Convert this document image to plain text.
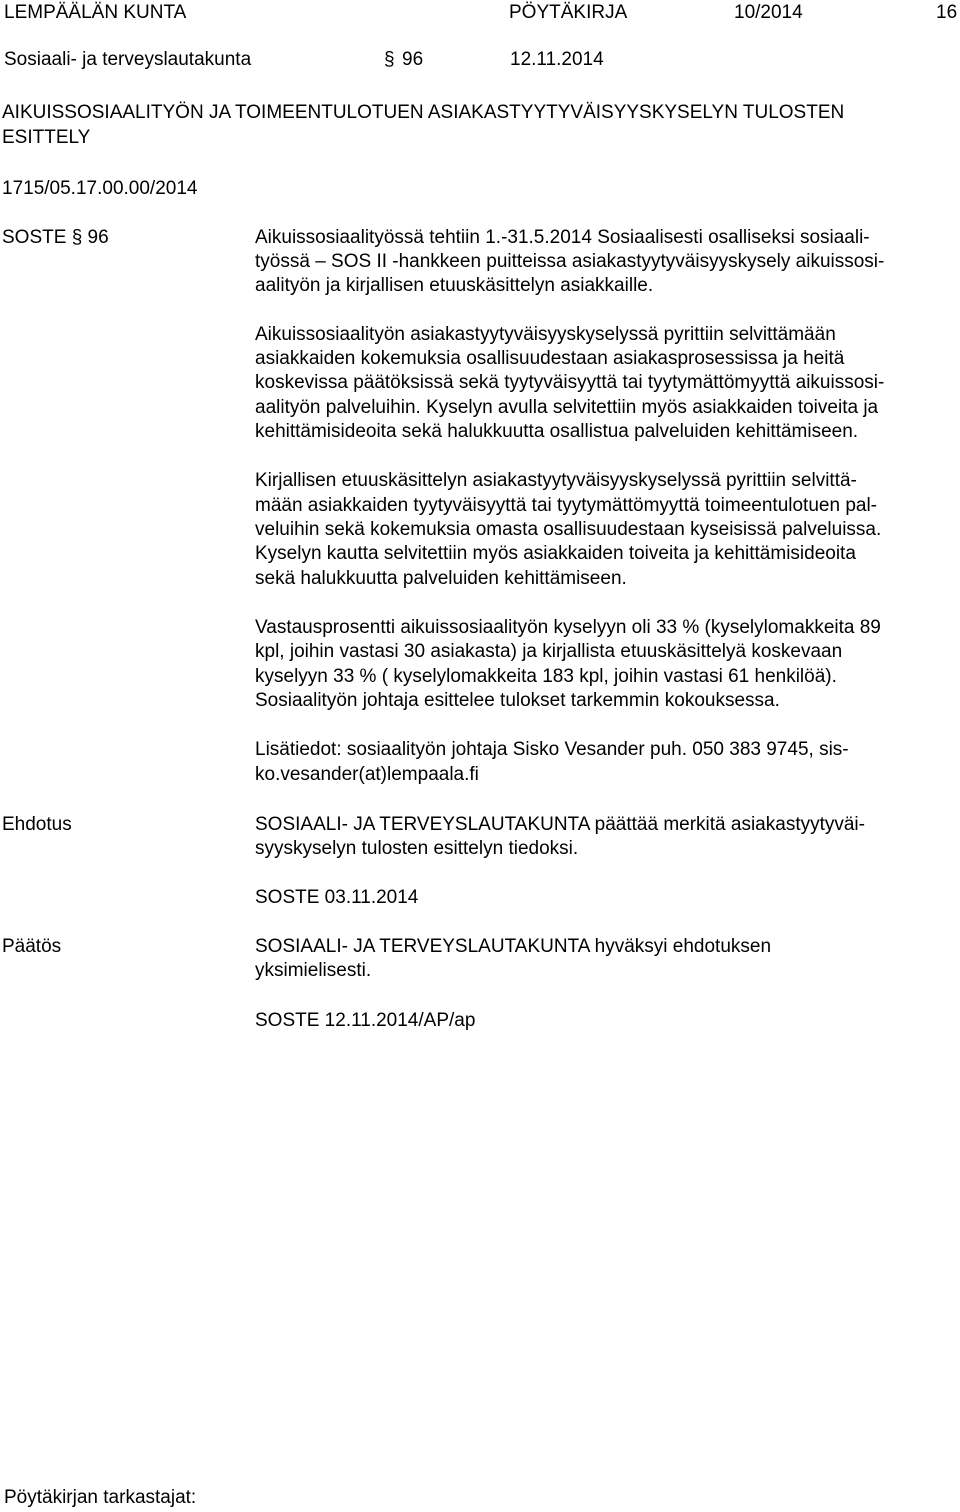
LEMPÄÄLÄN KUNTA	PÖYTÄKIRJA	10/2014	16
Sosiaali- ja terveyslautakunta	§ 96	12.11.2014
AIKUISSOSIAALITYÖN JA TOIMEENTULOTUEN ASIAKASTYYTYVÄISYYSKYSELYN TULOSTEN
ESITTELY
1715/05.17.00.00/2014
SOSTE § 96	Aikuissosiaalityössä tehtiin 1.-31.5.2014 Sosiaalisesti osalliseksi sosiaali-
työssä – SOS II -hankkeen puitteissa asiakastyytyväisyyskysely aikuissosi-
aalityön ja kirjallisen etuuskäsittelyn asiakkaille.
Aikuissosiaalityön asiakastyytyväisyyskyselyssä pyrittiin selvittämään
asiakkaiden kokemuksia osallisuudestaan asiakasprosessissa ja heitä
koskevissa päätöksissä sekä tyytyväisyyttä tai tyytymättömyyttä aikuissosi-
aalityön palveluihin. Kyselyn avulla selvitettiin myös asiakkaiden toiveita ja
kehittämisideoita sekä halukkuutta osallistua palveluiden kehittämiseen.
Kirjallisen etuuskäsittelyn asiakastyytyväisyyskyselyssä pyrittiin selvittä-
mään asiakkaiden tyytyväisyyttä tai tyytymättömyyttä toimeentulotuen pal-
veluihin sekä kokemuksia omasta osallisuudestaan kyseisissä palveluissa.
Kyselyn kautta selvitettiin myös asiakkaiden toiveita ja kehittämisideoita
sekä halukkuutta palveluiden kehittämiseen.
Vastausprosentti aikuissosiaalityön kyselyyn oli 33 % (kyselylomakkeita 89
kpl, joihin vastasi 30 asiakasta) ja kirjallista etuuskäsittelyä koskevaan
kyselyyn 33 % ( kyselylomakkeita 183 kpl, joihin vastasi 61 henkilöä).
Sosiaalityön johtaja esittelee tulokset tarkemmin kokouksessa.
Lisätiedot: sosiaalityön johtaja Sisko Vesander puh. 050 383 9745, sis-
ko.vesander(at)lempaala.fi
Ehdotus	SOSIAALI- JA TERVEYSLAUTAKUNTA päättää merkitä asiakastyytyväi-
syyskyselyn tulosten esittelyn tiedoksi.
SOSTE 03.11.2014
Päätös	SOSIAALI- JA TERVEYSLAUTAKUNTA hyväksyi ehdotuksen
yksimielisesti.
SOSTE 12.11.2014/AP/ap
Pöytäkirjan tarkastajat:
